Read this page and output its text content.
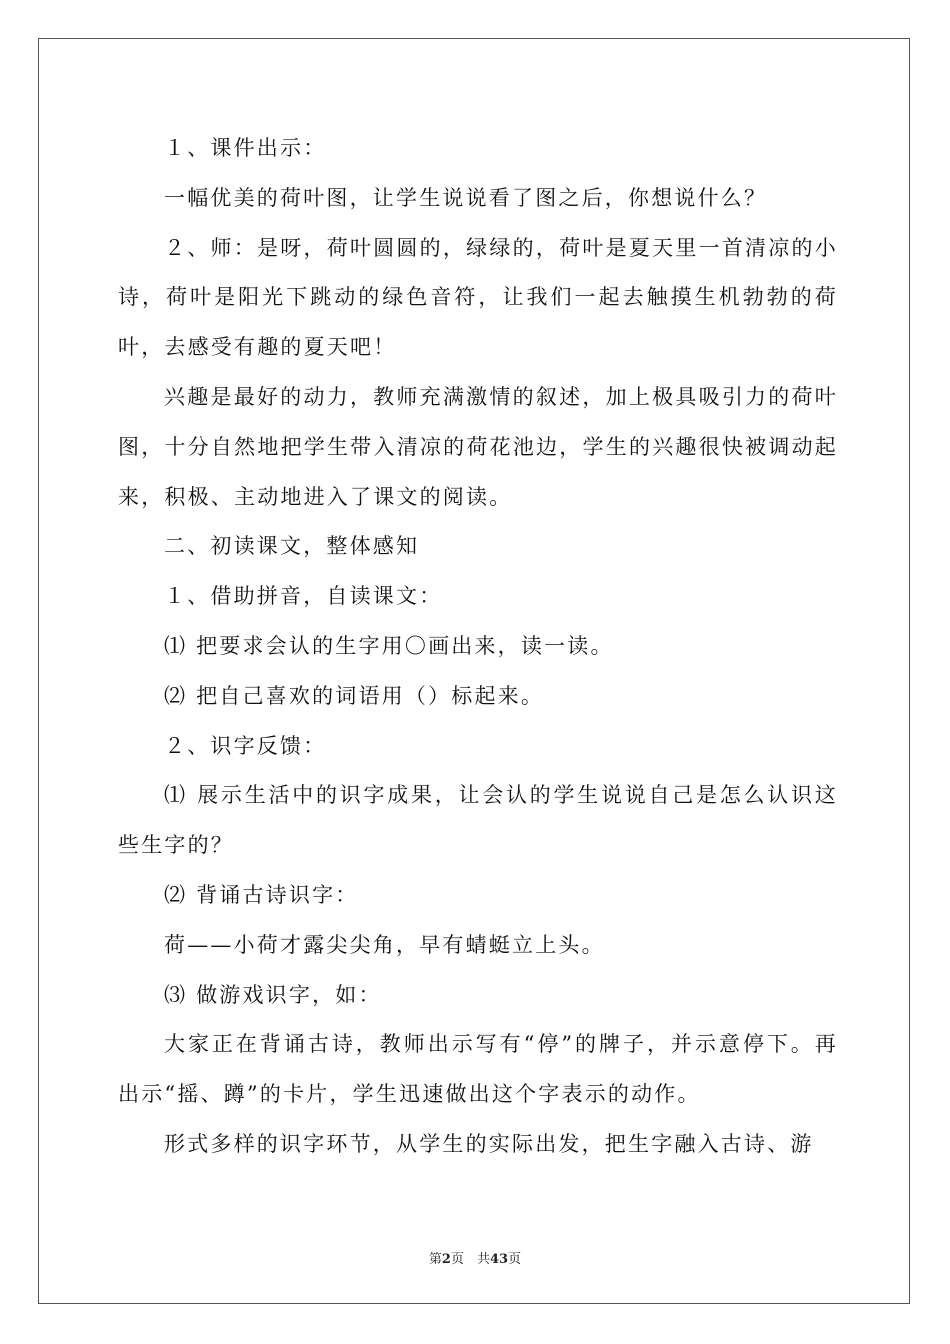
１、课件出示：

一幅优美的荷叶图，让学生说说看了图之后，你想说什么？

２、师：是呀，荷叶圆圆的，绿绿的，荷叶是夏天里一首清凉的小诗，荷叶是阳光下跳动的绿色音符，让我们一起去触摸生机勃勃的荷叶，去感受有趣的夏天吧！

兴趣是最好的动力，教师充满激情的叙述，加上极具吸引力的荷叶图，十分自然地把学生带入清凉的荷花池边，学生的兴趣很快被调动起来，积极、主动地进入了课文的阅读。

二、初读课文，整体感知

１、借助拼音，自读课文：

⑴ 把要求会认的生字用〇画出来，读一读。

⑵ 把自己喜欢的词语用（）标起来。

２、识字反馈：

⑴ 展示生活中的识字成果，让会认的学生说说自己是怎么认识这些生字的？

⑵ 背诵古诗识字：

荷——小荷才露尖尖角，早有蜻蜓立上头。

⑶ 做游戏识字，如：

大家正在背诵古诗，教师出示写有“停”的牌子，并示意停下。再出示“摇、蹲”的卡片，学生迅速做出这个字表示的动作。

形式多样的识字环节，从学生的实际出发，把生字融入古诗、游

第2页　共43页
